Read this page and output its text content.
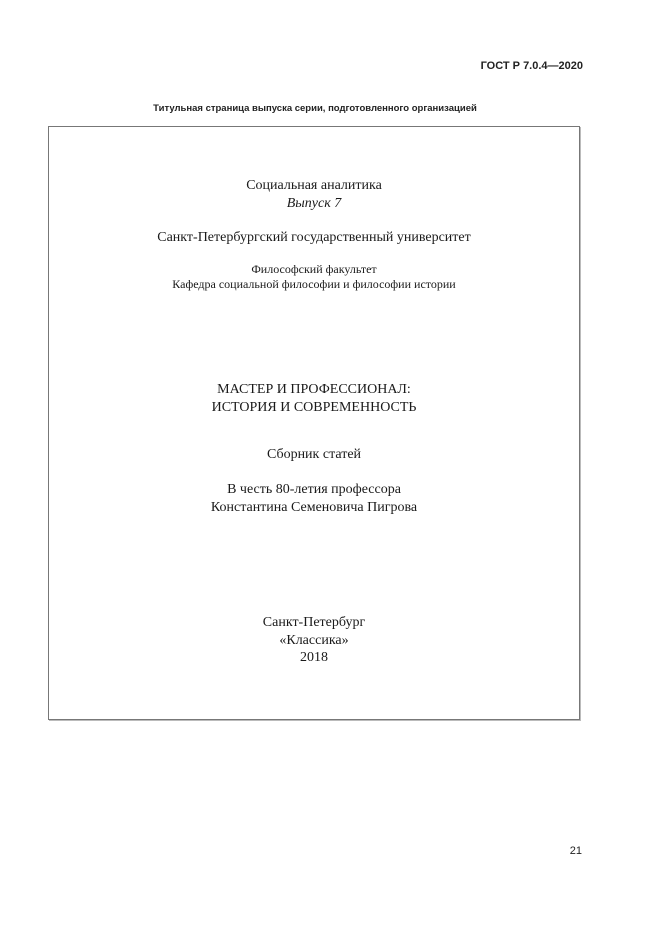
ГОСТ Р 7.0.4—2020
Титульная страница выпуска серии, подготовленного организацией
Социальная аналитика
Выпуск 7
Санкт-Петербургский государственный университет
Философский факультет
Кафедра социальной философии и философии истории
МАСТЕР И ПРОФЕССИОНАЛ:
ИСТОРИЯ И СОВРЕМЕННОСТЬ
Сборник статей
В честь 80-летия профессора
Константина Семеновича Пигрова
Санкт-Петербург
«Классика»
2018
21
